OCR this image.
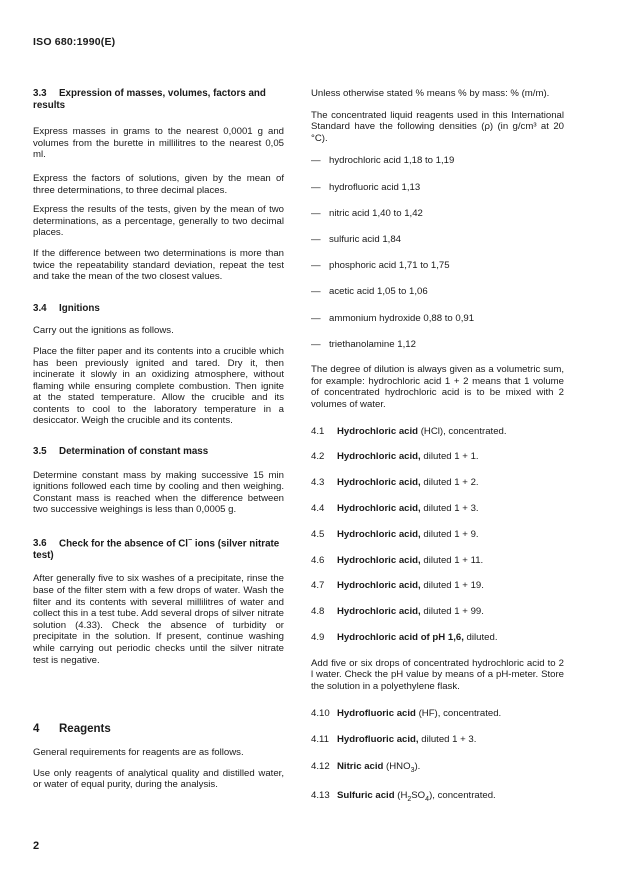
ISO 680:1990(E)

3.3 Expression of masses, volumes, factors and results

Express masses in grams to the nearest 0,0001 g and volumes from the burette in millilitres to the nearest 0,05 ml.

Express the factors of solutions, given by the mean of three determinations, to three decimal places.

Express the results of the tests, given by the mean of two determinations, as a percentage, generally to two decimal places.

If the difference between two determinations is more than twice the repeatability standard deviation, repeat the test and take the mean of the two closest values.

3.4 Ignitions

Carry out the ignitions as follows.

Place the filter paper and its contents into a crucible which has been previously ignited and tared. Dry it, then incinerate it slowly in an oxidizing atmosphere, without flaming while ensuring complete combustion. Then ignite at the stated temperature. Allow the crucible and its contents to cool to the laboratory temperature in a desiccator. Weigh the crucible and its contents.

3.5 Determination of constant mass

Determine constant mass by making successive 15 min ignitions followed each time by cooling and then weighing. Constant mass is reached when the difference between two successive weighings is less than 0,0005 g.

3.6 Check for the absence of Cl− ions (silver nitrate test)

After generally five to six washes of a precipitate, rinse the base of the filter stem with a few drops of water. Wash the filter and its contents with several millilitres of water and collect this in a test tube. Add several drops of silver nitrate solution (4.33). Check the absence of turbidity or precipitate in the solution. If present, continue washing while carrying out periodic checks until the silver nitrate test is negative.

4 Reagents

General requirements for reagents are as follows.

Use only reagents of analytical quality and distilled water, or water of equal purity, during the analysis.

Unless otherwise stated % means % by mass: % (m/m).

The concentrated liquid reagents used in this International Standard have the following densities (ρ) (in g/cm³ at 20 °C).

— hydrochloric acid 1,18 to 1,19

— hydrofluoric acid 1,13

— nitric acid 1,40 to 1,42

— sulfuric acid 1,84

— phosphoric acid 1,71 to 1,75

— acetic acid 1,05 to 1,06

— ammonium hydroxide 0,88 to 0,91

— triethanolamine 1,12

The degree of dilution is always given as a volumetric sum, for example: hydrochloric acid 1 + 2 means that 1 volume of concentrated hydrochloric acid is to be mixed with 2 volumes of water.

4.1 Hydrochloric acid (HCl), concentrated.

4.2 Hydrochloric acid, diluted 1 + 1.

4.3 Hydrochloric acid, diluted 1 + 2.

4.4 Hydrochloric acid, diluted 1 + 3.

4.5 Hydrochloric acid, diluted 1 + 9.

4.6 Hydrochloric acid, diluted 1 + 11.

4.7 Hydrochloric acid, diluted 1 + 19.

4.8 Hydrochloric acid, diluted 1 + 99.

4.9 Hydrochloric acid of pH 1,6, diluted.

Add five or six drops of concentrated hydrochloric acid to 2 l water. Check the pH value by means of a pH-meter. Store the solution in a polyethylene flask.

4.10 Hydrofluoric acid (HF), concentrated.

4.11 Hydrofluoric acid, diluted 1 + 3.

4.12 Nitric acid $(HNO_3)$.

4.13 Sulfuric acid $(H_2SO_4)$, concentrated.

2
